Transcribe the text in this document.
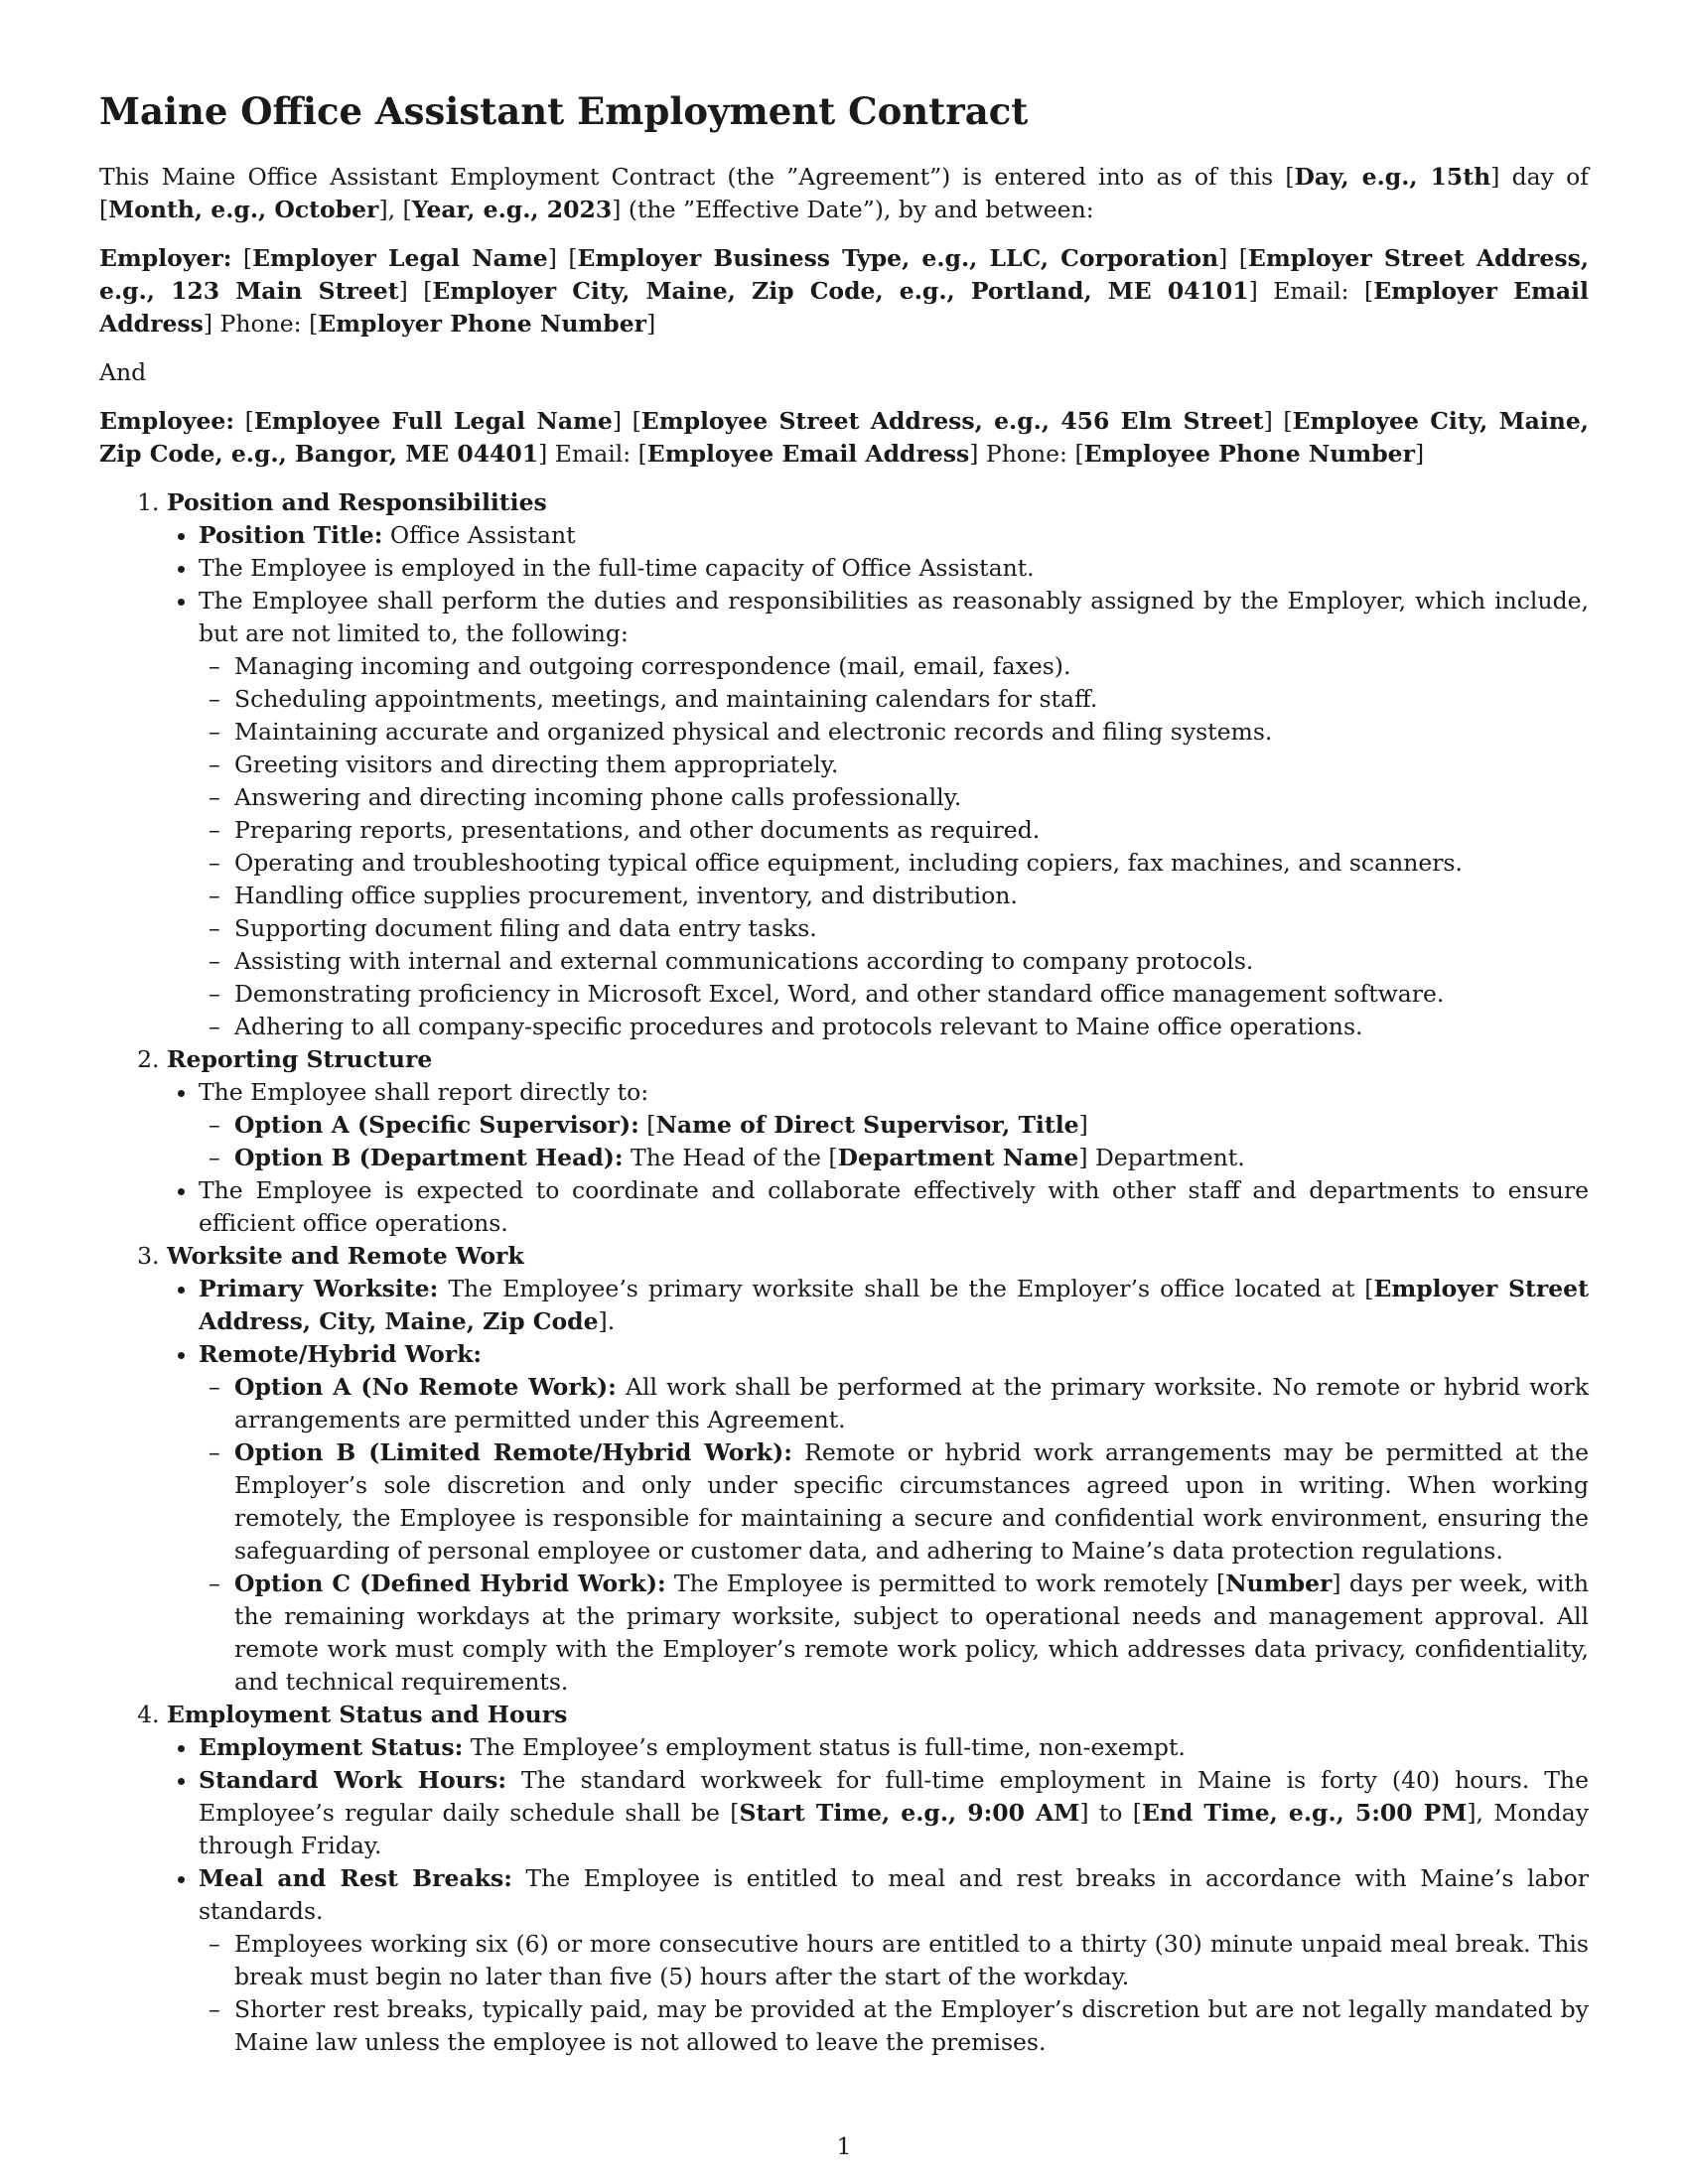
Maine Office Assistant Employment Contract

This Maine Office Assistant Employment Contract (the ”Agreement”) is entered into as of this [Day, e.g., 15th] day of [Month, e.g., October], [Year, e.g., 2023] (the ”Effective Date”), by and between:

Employer: [Employer Legal Name] [Employer Business Type, e.g., LLC, Corporation] [Employer Street Address, e.g., 123 Main Street] [Employer City, Maine, Zip Code, e.g., Portland, ME 04101] Email: [Employer Email Address] Phone: [Employer Phone Number]

And

Employee: [Employee Full Legal Name] [Employee Street Address, e.g., 456 Elm Street] [Employee City, Maine, Zip Code, e.g., Bangor, ME 04401] Email: [Employee Email Address] Phone: [Employee Phone Number]

1. Position and Responsibilities
• Position Title: Office Assistant
• The Employee is employed in the full-time capacity of Office Assistant.
• The Employee shall perform the duties and responsibilities as reasonably assigned by the Employer, which include, but are not limited to, the following:
– Managing incoming and outgoing correspondence (mail, email, faxes).
– Scheduling appointments, meetings, and maintaining calendars for staff.
– Maintaining accurate and organized physical and electronic records and filing systems.
– Greeting visitors and directing them appropriately.
– Answering and directing incoming phone calls professionally.
– Preparing reports, presentations, and other documents as required.
– Operating and troubleshooting typical office equipment, including copiers, fax machines, and scanners.
– Handling office supplies procurement, inventory, and distribution.
– Supporting document filing and data entry tasks.
– Assisting with internal and external communications according to company protocols.
– Demonstrating proficiency in Microsoft Excel, Word, and other standard office management software.
– Adhering to all company-specific procedures and protocols relevant to Maine office operations.
2. Reporting Structure
• The Employee shall report directly to:
– Option A (Specific Supervisor): [Name of Direct Supervisor, Title]
– Option B (Department Head): The Head of the [Department Name] Department.
• The Employee is expected to coordinate and collaborate effectively with other staff and departments to ensure efficient office operations.
3. Worksite and Remote Work
• Primary Worksite: The Employee’s primary worksite shall be the Employer’s office located at [Employer Street Address, City, Maine, Zip Code].
• Remote/Hybrid Work:
– Option A (No Remote Work): All work shall be performed at the primary worksite. No remote or hybrid work arrangements are permitted under this Agreement.
– Option B (Limited Remote/Hybrid Work): Remote or hybrid work arrangements may be permitted at the Employer’s sole discretion and only under specific circumstances agreed upon in writing. When working remotely, the Employee is responsible for maintaining a secure and confidential work environment, ensuring the safeguarding of personal employee or customer data, and adhering to Maine’s data protection regulations.
– Option C (Defined Hybrid Work): The Employee is permitted to work remotely [Number] days per week, with the remaining workdays at the primary worksite, subject to operational needs and management approval. All remote work must comply with the Employer’s remote work policy, which addresses data privacy, confidentiality, and technical requirements.
4. Employment Status and Hours
• Employment Status: The Employee’s employment status is full-time, non-exempt.
• Standard Work Hours: The standard workweek for full-time employment in Maine is forty (40) hours. The Employee’s regular daily schedule shall be [Start Time, e.g., 9:00 AM] to [End Time, e.g., 5:00 PM], Monday through Friday.
• Meal and Rest Breaks: The Employee is entitled to meal and rest breaks in accordance with Maine’s labor standards.
– Employees working six (6) or more consecutive hours are entitled to a thirty (30) minute unpaid meal break. This break must begin no later than five (5) hours after the start of the workday.
– Shorter rest breaks, typically paid, may be provided at the Employer’s discretion but are not legally mandated by Maine law unless the employee is not allowed to leave the premises.
1
